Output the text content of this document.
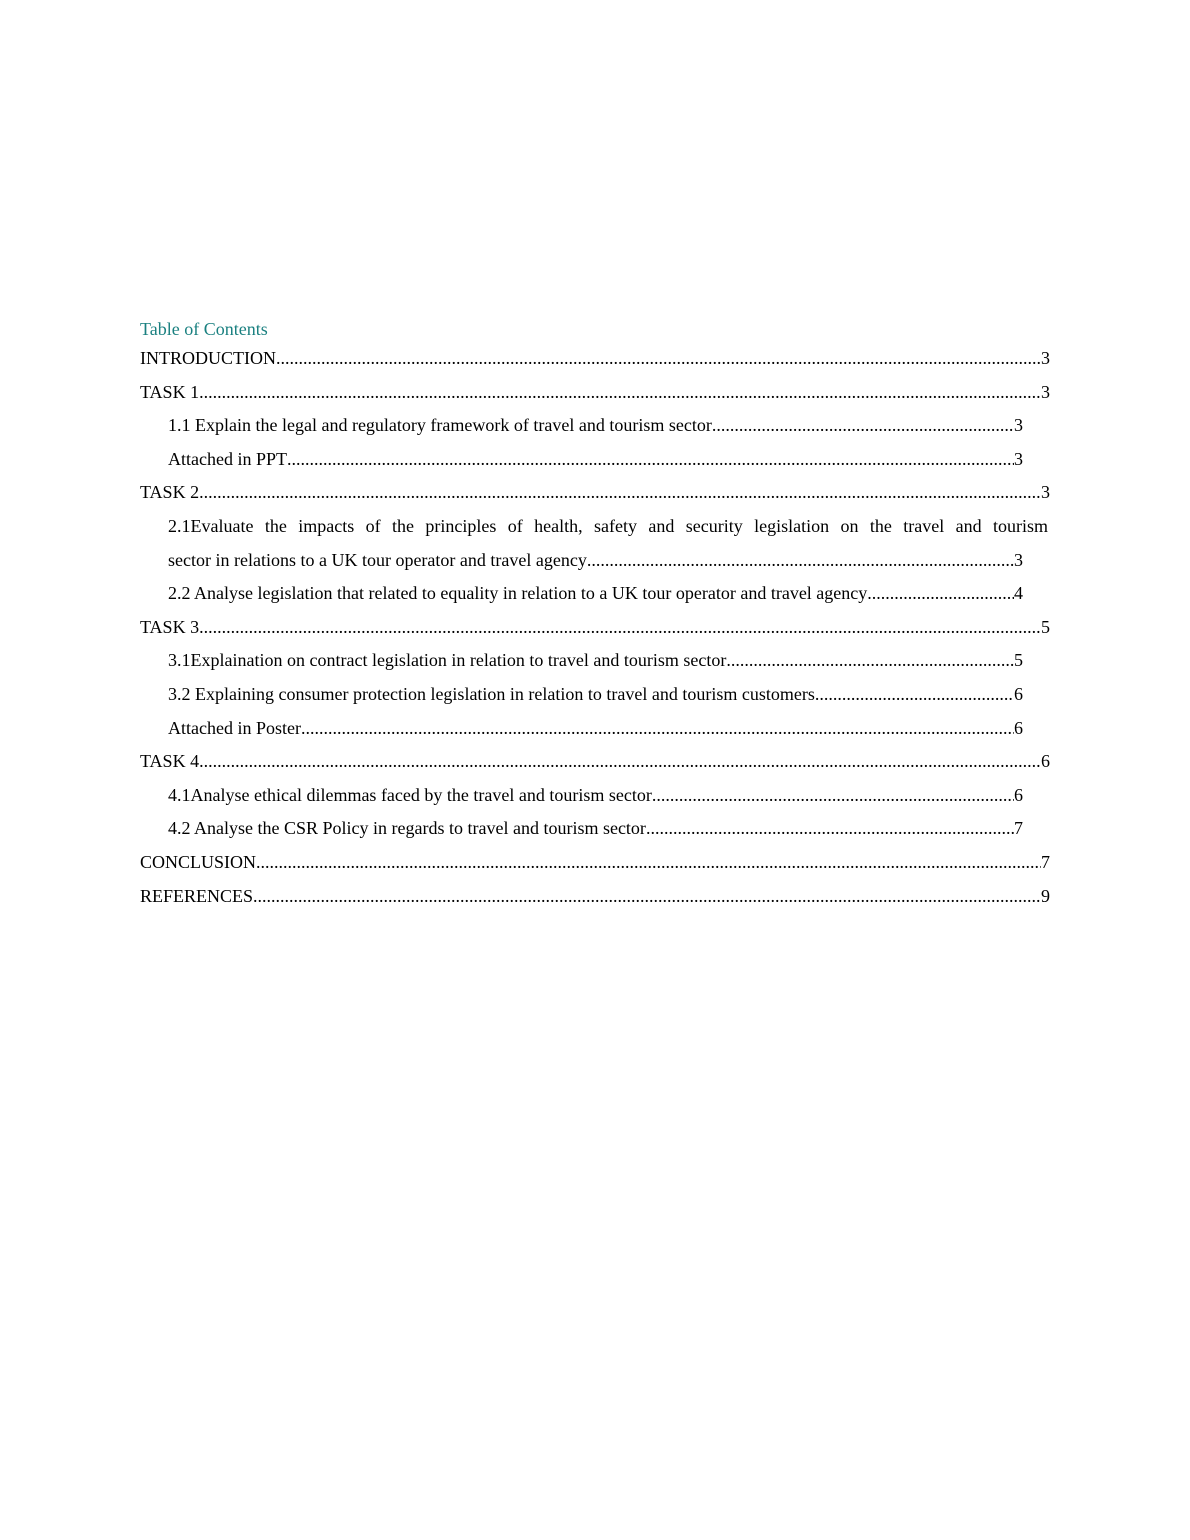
Table of Contents
INTRODUCTION .....	3
TASK 1 .....	3
1.1 Explain the legal and regulatory framework of travel and tourism sector .....	3
Attached in PPT .....	3
TASK 2 .....	3
2.1Evaluate the impacts of the principles of health, safety and security legislation on the travel and tourism
sector in relations to a UK tour operator and travel agency .....	3
2.2 Analyse legislation that related to equality in relation to a UK tour operator and travel agency .....	4
TASK 3 .....	5
3.1Explaination on contract legislation in relation to travel and tourism sector .....	5
3.2 Explaining consumer protection legislation in relation to travel and tourism customers .....	6
Attached in Poster .....	6
TASK 4 .....	6
4.1Analyse ethical dilemmas faced by the travel and tourism sector .....	6
4.2 Analyse the CSR Policy in regards to travel and tourism sector .....	7
CONCLUSION .....	7
REFERENCES .....	9
